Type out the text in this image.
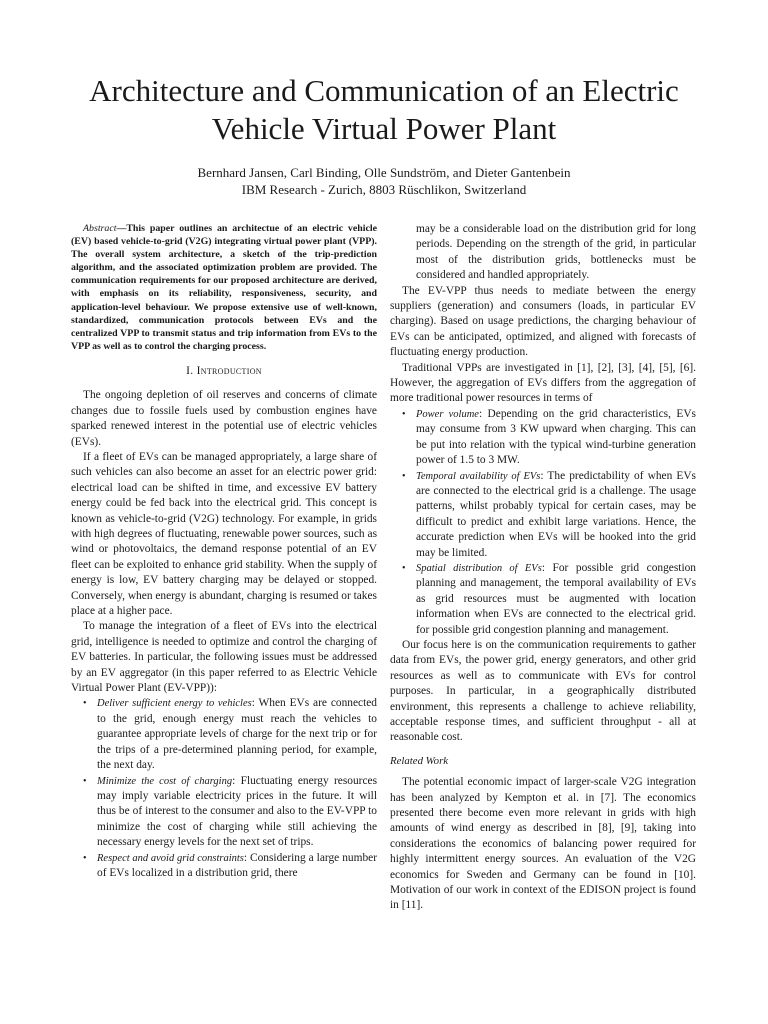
Architecture and Communication of an Electric
Vehicle Virtual Power Plant
Bernhard Jansen, Carl Binding, Olle Sundström, and Dieter Gantenbein
IBM Research - Zurich, 8803 Rüschlikon, Switzerland

Abstract—This paper outlines an architectue of an electric vehicle (EV) based vehicle-to-grid (V2G) integrating virtual power plant (VPP). The overall system architecture, a sketch of the trip-prediction algorithm, and the associated optimization problem are provided. The communication requirements for our proposed architecture are derived, with emphasis on its reliability, responsiveness, security, and application-level behaviour. We propose extensive use of well-known, standardized, communication protocols between EVs and the centralized VPP to transmit status and trip information from EVs to the VPP as well as to control the charging process.

I. Introduction

The ongoing depletion of oil reserves and concerns of climate changes due to fossile fuels used by combustion engines have sparked renewed interest in the potential use of electric vehicles (EVs).

If a fleet of EVs can be managed appropriately, a large share of such vehicles can also become an asset for an electric power grid: electrical load can be shifted in time, and excessive EV battery energy could be fed back into the electrical grid. This concept is known as vehicle-to-grid (V2G) technology. For example, in grids with high degrees of fluctuating, renewable power sources, such as wind or photovoltaics, the demand response potential of an EV fleet can be exploited to enhance grid stability. When the supply of energy is low, EV battery charging may be delayed or stopped. Conversely, when energy is abundant, charging is resumed or takes place at a higher pace.

To manage the integration of a fleet of EVs into the electrical grid, intelligence is needed to optimize and control the charging of EV batteries. In particular, the following issues must be addressed by an EV aggregator (in this paper referred to as Electric Vehicle Virtual Power Plant (EV-VPP)):

• Deliver sufficient energy to vehicles: When EVs are connected to the grid, enough energy must reach the vehicles to guarantee appropriate levels of charge for the next trip or for the trips of a pre-determined planning period, for example, the next day.
• Minimize the cost of charging: Fluctuating energy resources may imply variable electricity prices in the future. It will thus be of interest to the consumer and also to the EV-VPP to minimize the cost of charging while still achieving the necessary energy levels for the next set of trips.
• Respect and avoid grid constraints: Considering a large number of EVs localized in a distribution grid, there

may be a considerable load on the distribution grid for long periods. Depending on the strength of the grid, in particular most of the distribution grids, bottlenecks must be considered and handled appropriately.

The EV-VPP thus needs to mediate between the energy suppliers (generation) and consumers (loads, in particular EV charging). Based on usage predictions, the charging behaviour of EVs can be anticipated, optimized, and aligned with forecasts of fluctuating energy production.

Traditional VPPs are investigated in [1], [2], [3], [4], [5], [6]. However, the aggregation of EVs differs from the aggregation of more traditional power resources in terms of

• Power volume: Depending on the grid characteristics, EVs may consume from 3 KW upward when charging. This can be put into relation with the typical wind-turbine generation power of 1.5 to 3 MW.
• Temporal availability of EVs: The predictability of when EVs are connected to the electrical grid is a challenge. The usage patterns, whilst probably typical for certain cases, may be difficult to predict and exhibit large variations. Hence, the accurate prediction when EVs will be hooked into the grid may be limited.
• Spatial distribution of EVs: For possible grid congestion planning and management, the temporal availability of EVs as grid resources must be augmented with location information when EVs are connected to the electrical grid. for possible grid congestion planning and management.

Our focus here is on the communication requirements to gather data from EVs, the power grid, energy generators, and other grid resources as well as to communicate with EVs for control purposes. In particular, in a geographically distributed environment, this represents a challenge to achieve reliability, acceptable response times, and sufficient throughput - all at reasonable cost.

Related Work

The potential economic impact of larger-scale V2G integration has been analyzed by Kempton et al. in [7]. The economics presented there become even more relevant in grids with high amounts of wind energy as described in [8], [9], taking into considerations the economics of balancing power required for highly intermittent energy sources. An evaluation of the V2G economics for Sweden and Germany can be found in [10]. Motivation of our work in context of the EDISON project is found in [11].
